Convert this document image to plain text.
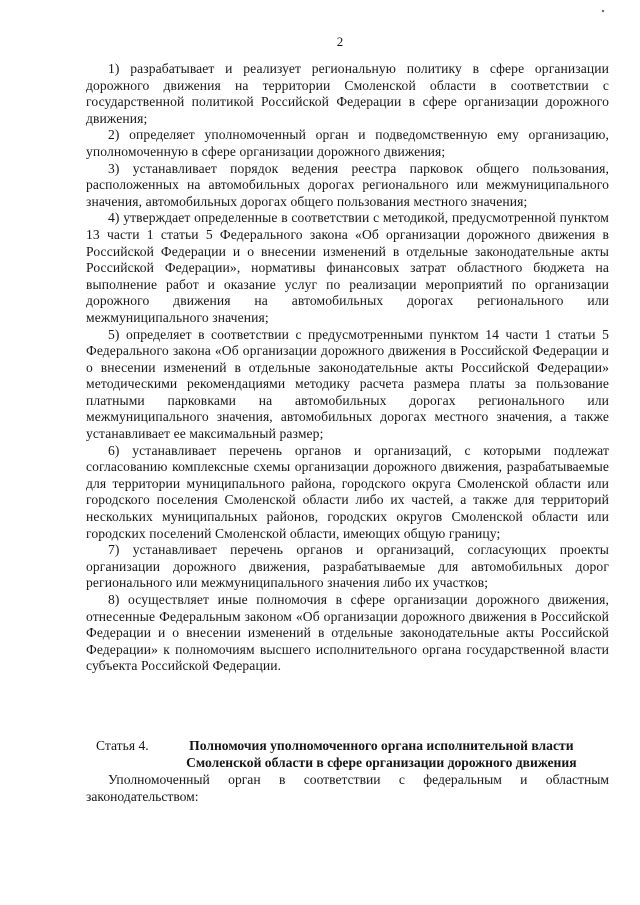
2

1) разрабатывает и реализует региональную политику в сфере организации дорожного движения на территории Смоленской области в соответствии с государственной политикой Российской Федерации в сфере организации дорожного движения;

2) определяет уполномоченный орган и подведомственную ему организацию, уполномоченную в сфере организации дорожного движения;

3) устанавливает порядок ведения реестра парковок общего пользования, расположенных на автомобильных дорогах регионального или межмуниципального значения, автомобильных дорогах общего пользования местного значения;

4) утверждает определенные в соответствии с методикой, предусмотренной пунктом 13 части 1 статьи 5 Федерального закона «Об организации дорожного движения в Российской Федерации и о внесении изменений в отдельные законодательные акты Российской Федерации», нормативы финансовых затрат областного бюджета на выполнение работ и оказание услуг по реализации мероприятий по организации дорожного движения на автомобильных дорогах регионального или межмуниципального значения;

5) определяет в соответствии с предусмотренными пунктом 14 части 1 статьи 5 Федерального закона «Об организации дорожного движения в Российской Федерации и о внесении изменений в отдельные законодательные акты Российской Федерации» методическими рекомендациями методику расчета размера платы за пользование платными парковками на автомобильных дорогах регионального или межмуниципального значения, автомобильных дорогах местного значения, а также устанавливает ее максимальный размер;

6) устанавливает перечень органов и организаций, с которыми подлежат согласованию комплексные схемы организации дорожного движения, разрабатываемые для территории муниципального района, городского округа Смоленской области или городского поселения Смоленской области либо их частей, а также для территорий нескольких муниципальных районов, городских округов Смоленской области или городских поселений Смоленской области, имеющих общую границу;

7) устанавливает перечень органов и организаций, согласующих проекты организации дорожного движения, разрабатываемые для автомобильных дорог регионального или межмуниципального значения либо их участков;

8) осуществляет иные полномочия в сфере организации дорожного движения, отнесенные Федеральным законом «Об организации дорожного движения в Российской Федерации и о внесении изменений в отдельные законодательные акты Российской Федерации» к полномочиям высшего исполнительного органа государственной власти субъекта Российской Федерации.

Статья 4.	Полномочия уполномоченного органа исполнительной власти Смоленской области в сфере организации дорожного движения

Уполномоченный орган в соответствии с федеральным и областным законодательством:
